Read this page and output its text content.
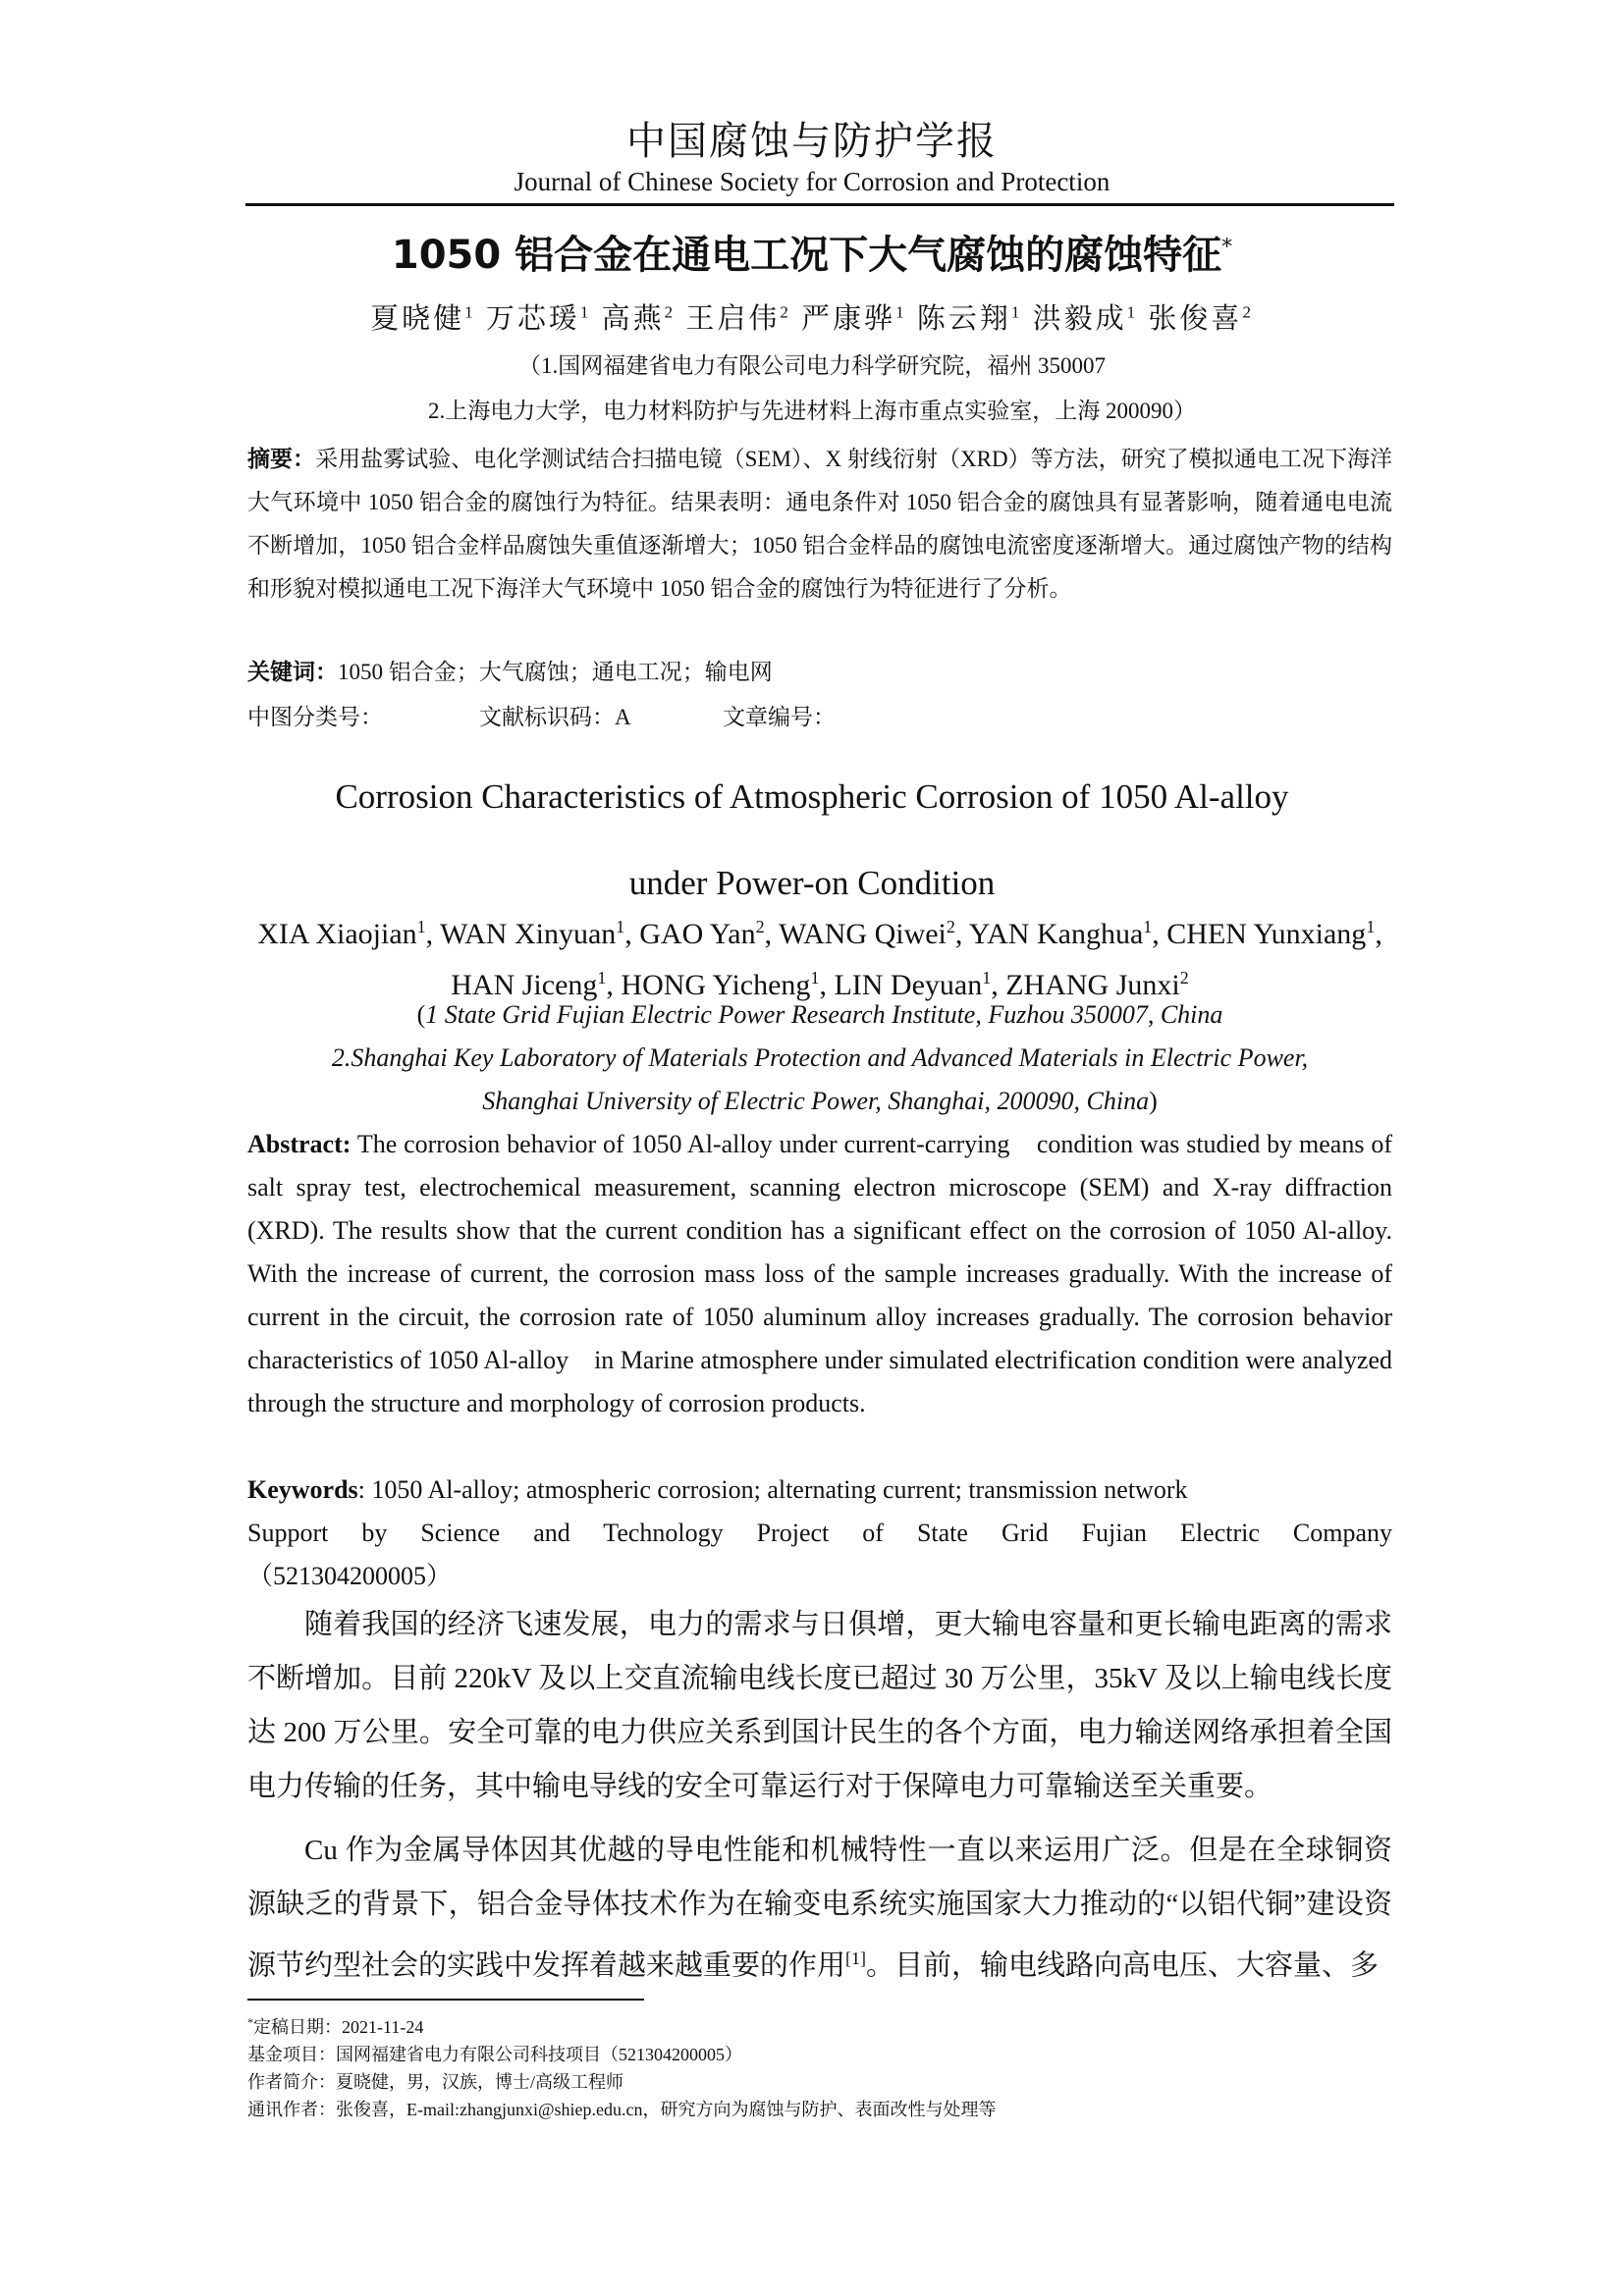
中国腐蚀与防护学报
Journal of Chinese Society for Corrosion and Protection
1050 铝合金在通电工况下大气腐蚀的腐蚀特征*
夏晓健$^1$ 万芯瑗$^1$ 高燕$^2$ 王启伟$^2$ 严康骅$^1$ 陈云翔$^1$ 洪毅成$^1$ 张俊喜$^2$
（1.国网福建省电力有限公司电力科学研究院，福州 350007
2.上海电力大学，电力材料防护与先进材料上海市重点实验室，上海 200090）
摘要：采用盐雾试验、电化学测试结合扫描电镜（SEM）、X 射线衍射（XRD）等方法，研究了模拟通电工况下海洋大气环境中 1050 铝合金的腐蚀行为特征。结果表明：通电条件对 1050 铝合金的腐蚀具有显著影响，随着通电电流不断增加，1050 铝合金样品腐蚀失重值逐渐增大；1050 铝合金样品的腐蚀电流密度逐渐增大。通过腐蚀产物的结构和形貌对模拟通电工况下海洋大气环境中 1050 铝合金的腐蚀行为特征进行了分析。
关键词：1050 铝合金；大气腐蚀；通电工况；输电网
中图分类号：	文献标识码：A	文章编号：
Corrosion Characteristics of Atmospheric Corrosion of 1050 Al-alloy
under Power-on Condition
XIA Xiaojian$^1$, WAN Xinyuan$^1$, GAO Yan$^2$, WANG Qiwei$^2$, YAN Kanghua$^1$, CHEN Yunxiang$^1$, HAN Jiceng$^1$, HONG Yicheng$^1$, LIN Deyuan$^1$, ZHANG Junxi$^2$
(1 State Grid Fujian Electric Power Research Institute, Fuzhou 350007, China
2.Shanghai Key Laboratory of Materials Protection and Advanced Materials in Electric Power,
Shanghai University of Electric Power, Shanghai, 200090, China)
Abstract: The corrosion behavior of 1050 Al-alloy under current-carrying    condition was studied by means of salt spray test, electrochemical measurement, scanning electron microscope (SEM) and X-ray diffraction (XRD). The results show that the current condition has a significant effect on the corrosion of 1050 Al-alloy. With the increase of current, the corrosion mass loss of the sample increases gradually. With the increase of current in the circuit, the corrosion rate of 1050 aluminum alloy increases gradually. The corrosion behavior characteristics of 1050 Al-alloy    in Marine atmosphere under simulated electrification condition were analyzed through the structure and morphology of corrosion products.
Keywords: 1050 Al-alloy; atmospheric corrosion; alternating current; transmission network
Support by Science and Technology Project of State Grid Fujian Electric Company
（521304200005）

随着我国的经济飞速发展，电力的需求与日俱增，更大输电容量和更长输电距离的需求不断增加。目前 220kV 及以上交直流输电线长度已超过 30 万公里，35kV 及以上输电线长度达 200 万公里。安全可靠的电力供应关系到国计民生的各个方面，电力输送网络承担着全国电力传输的任务，其中输电导线的安全可靠运行对于保障电力可靠输送至关重要。

Cu 作为金属导体因其优越的导电性能和机械特性一直以来运用广泛。但是在全球铜资源缺乏的背景下，铝合金导体技术作为在输变电系统实施国家大力推动的“以铝代铜”建设资源节约型社会的实践中发挥着越来越重要的作用[1]。目前，输电线路向高电压、大容量、多

*定稿日期：2021-11-24
基金项目：国网福建省电力有限公司科技项目（521304200005）
作者简介：夏晓健，男，汉族，博士/高级工程师
通讯作者：张俊喜，E-mail:zhangjunxi@shiep.edu.cn，研究方向为腐蚀与防护、表面改性与处理等
